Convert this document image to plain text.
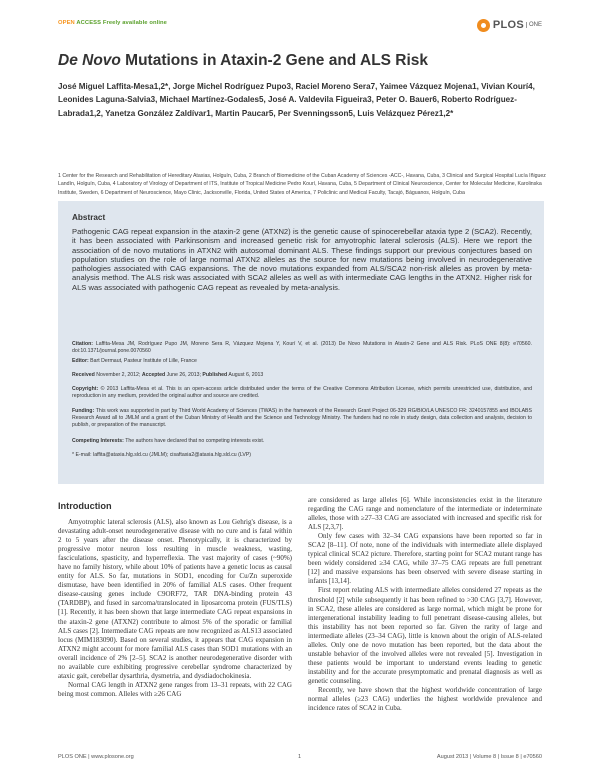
OPEN ACCESS Freely available online	PLOS ONE
De Novo Mutations in Ataxin-2 Gene and ALS Risk
José Miguel Laffita-Mesa1,2*, Jorge Michel Rodríguez Pupo3, Raciel Moreno Sera7, Yaimee Vázquez Mojena1, Vivian Kourí4, Leonides Laguna-Salvia3, Michael Martínez-Godales5, José A. Valdevila Figueira3, Peter O. Bauer6, Roberto Rodríguez-Labrada1,2, Yanetza González Zaldívar1, Martin Paucar5, Per Svenningsson5, Luis Velázquez Pérez1,2*
1 Center for the Research and Rehabilitation of Hereditary Ataxias, Holguín, Cuba, 2 Branch of Biomedicine of the Cuban Academy of Sciences -ACC-, Havana, Cuba, 3 Clinical and Surgical Hospital Lucía Iñiguez Landín, Holguín, Cuba, 4 Laboratory of Virology of Department of ITS, Institute of Tropical Medicine Pedro Kourí, Havana, Cuba, 5 Department of Clinical Neuroscience, Center for Molecular Medicine, Karolinska Institute, Sweden, 6 Department of Neuroscience, Mayo Clinic, Jacksonville, Florida, United States of America, 7 Policlinic and Medical Faculty, Tacajó, Báguanos, Holguín, Cuba
Abstract
Pathogenic CAG repeat expansion in the ataxin-2 gene (ATXN2) is the genetic cause of spinocerebellar ataxia type 2 (SCA2). Recently, it has been associated with Parkinsonism and increased genetic risk for amyotrophic lateral sclerosis (ALS). Here we report the association of de novo mutations in ATXN2 with autosomal dominant ALS. These findings support our previous conjectures based on population studies on the role of large normal ATXN2 alleles as the source for new mutations being involved in neurodegenerative pathologies associated with CAG expansions. The de novo mutations expanded from ALS/SCA2 non-risk alleles as proven by meta-analysis method. The ALS risk was associated with SCA2 alleles as well as with intermediate CAG lengths in the ATXN2. Higher risk for ALS was associated with pathogenic CAG repeat as revealed by meta-analysis.
Citation: Laffita-Mesa JM, Rodríguez Pupo JM, Moreno Sera R, Vázquez Mojena Y, Kourí V, et al. (2013) De Novo Mutations in Ataxin-2 Gene and ALS Risk. PLoS ONE 8(8): e70560. doi:10.1371/journal.pone.0070560
Editor: Bart Dermaut, Pasteur Institute of Lille, France
Received November 2, 2012; Accepted June 26, 2013; Published August 6, 2013
Copyright: © 2013 Laffita-Mesa et al. This is an open-access article distributed under the terms of the Creative Commons Attribution License, which permits unrestricted use, distribution, and reproduction in any medium, provided the original author and source are credited.
Funding: This work was supported in part by Third World Academy of Sciences (TWAS) in the framework of the Research Grant Project 06-329 RG/BIO/LA UNESCO FR: 3240157855 and IBOLABS Research Award all to JMLM and a grant of the Cuban Ministry of Health and the Science and Technology Ministry. The funders had no role in study design, data collection and analysis, decision to publish, or preparation of the manuscript.
Competing Interests: The authors have declared that no competing interests exist.
* E-mail: laffita@ataxia.hlg.sld.cu (JMLM); cisaftaxia2@ataxia.hlg.sld.cu (LVP)
Introduction

Amyotrophic lateral sclerosis (ALS), also known as Lou Gehrig's disease, is a devastating adult-onset neurodegenerative disease with no cure and is fatal within 2 to 5 years after the disease onset. Phenotypically, it is characterized by progressive motor neuron loss resulting in muscle weakness, wasting, fasciculations, spasticity, and hyperreflexia. The vast majority of cases (~90%) have no family history, while about 10% of patients have a genetic locus as causal entity for ALS. So far, mutations in SOD1, encoding for Cu/Zn superoxide dismutase, have been identified in 20% of familial ALS cases. Other frequent disease-causing genes include C9ORF72, TAR DNA-binding protein 43 (TARDBP), and fused in sarcoma/translocated in liposarcoma protein (FUS/TLS) [1]. Recently, it has been shown that large intermediate CAG repeat expansions in the ataxin-2 gene (ATXN2) contribute to almost 5% of the sporadic or familial ALS cases [2]. Intermediate CAG repeats are now recognized as ALS13 associated locus (MIM183090). Based on several studies, it appears that CAG expansion in ATXN2 might account for more familial ALS cases than SOD1 mutations with an overall incidence of 2% [2–5]. SCA2 is another neurodegenerative disorder with no available cure exhibiting progressive cerebellar syndrome characterized by ataxic gait, cerebellar dysarthria, dysmetria, and dysdiadochokinesia.

Normal CAG length in ATXN2 gene ranges from 13–31 repeats, with 22 CAG being most common. Alleles with ≥26 CAG

are considered as large alleles [6]. While inconsistencies exist in the literature regarding the CAG range and nomenclature of the intermediate or indeterminate alleles, those with ≥27–33 CAG are associated with increased and specific risk for ALS [2,3,7].

Only few cases with 32–34 CAG expansions have been reported so far in SCA2 [8–11]. Of note, none of the individuals with intermediate allele displayed typical clinical SCA2 picture. Therefore, starting point for SCA2 mutant range has been widely considered ≥34 CAG, while 37–75 CAG repeats are full penetrant [12] and massive expansions has been observed with severe disease starting in infants [13,14].

First report relating ALS with intermediate alleles considered 27 repeats as the threshold [2] while subsequently it has been refined to >30 CAG [3,7]. However, in SCA2, these alleles are considered as large normal, which might be prone for intergenerational instability leading to full penetrant disease-causing alleles, but this instability has not been reported so far. Given the rarity of large and intermediate alleles (23–34 CAG), little is known about the origin of ALS-related alleles. Only one de novo mutation has been reported, but the data about the unstable behavior of the involved alleles were not revealed [5]. Investigation in these patients would be important to understand events leading to genetic instability and for the accurate presymptomatic and prenatal diagnosis as well as genetic counseling.

Recently, we have shown that the highest worldwide concentration of large normal alleles (≥23 CAG) underlies the highest worldwide prevalence and incidence rates of SCA2 in Cuba.

PLOS ONE | www.plosone.org	1	August 2013 | Volume 8 | Issue 8 | e70560
